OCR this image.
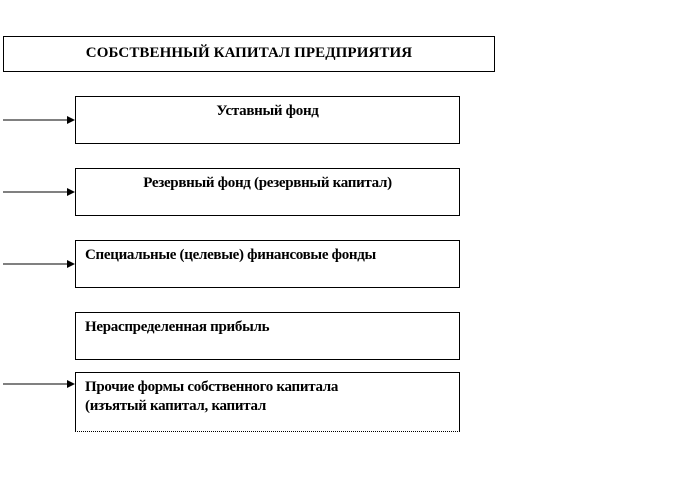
СОБСТВЕННЫЙ КАПИТАЛ ПРЕДПРИЯТИЯ
Уставный фонд
Резервный фонд (резервный капитал)
Специальные (целевые) финансовые фонды
Нераспределенная прибыль
Прочие формы собственного капитала
(изъятый капитал, капитал
